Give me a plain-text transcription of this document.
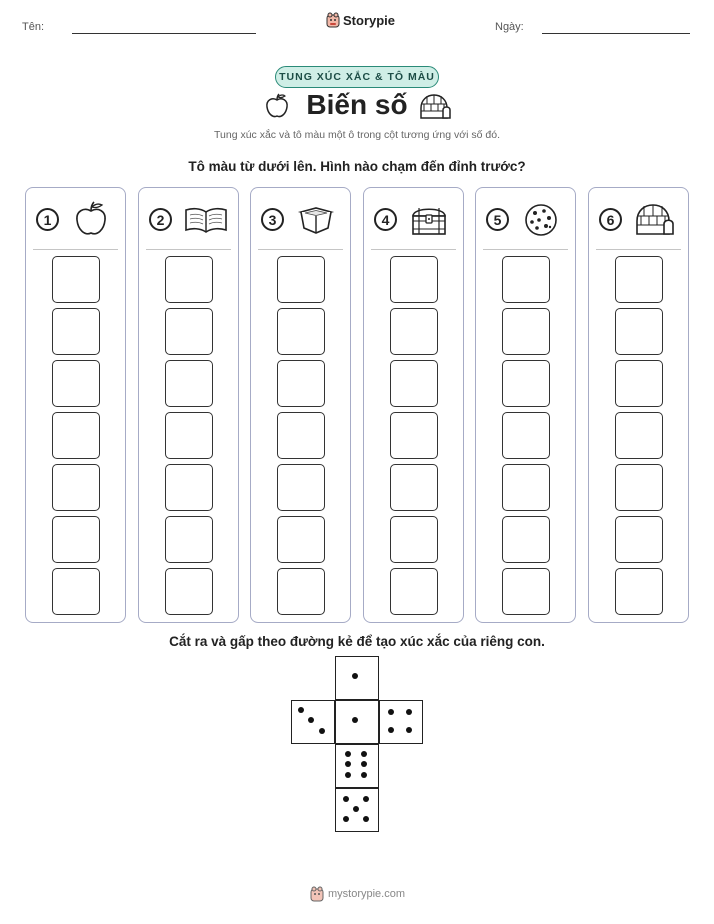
Tên:	Storypie	Ngày:
TUNG XÚC XẮC & TÔ MÀU
Biến số
Tung xúc xắc và tô màu một ô trong cột tương ứng với số đó.
Tô màu từ dưới lên. Hình nào chạm đến đỉnh trước?
1	2	3	4	5	6
Cắt ra và gấp theo đường kẻ để tạo xúc xắc của riêng con.
mystorypie.com
